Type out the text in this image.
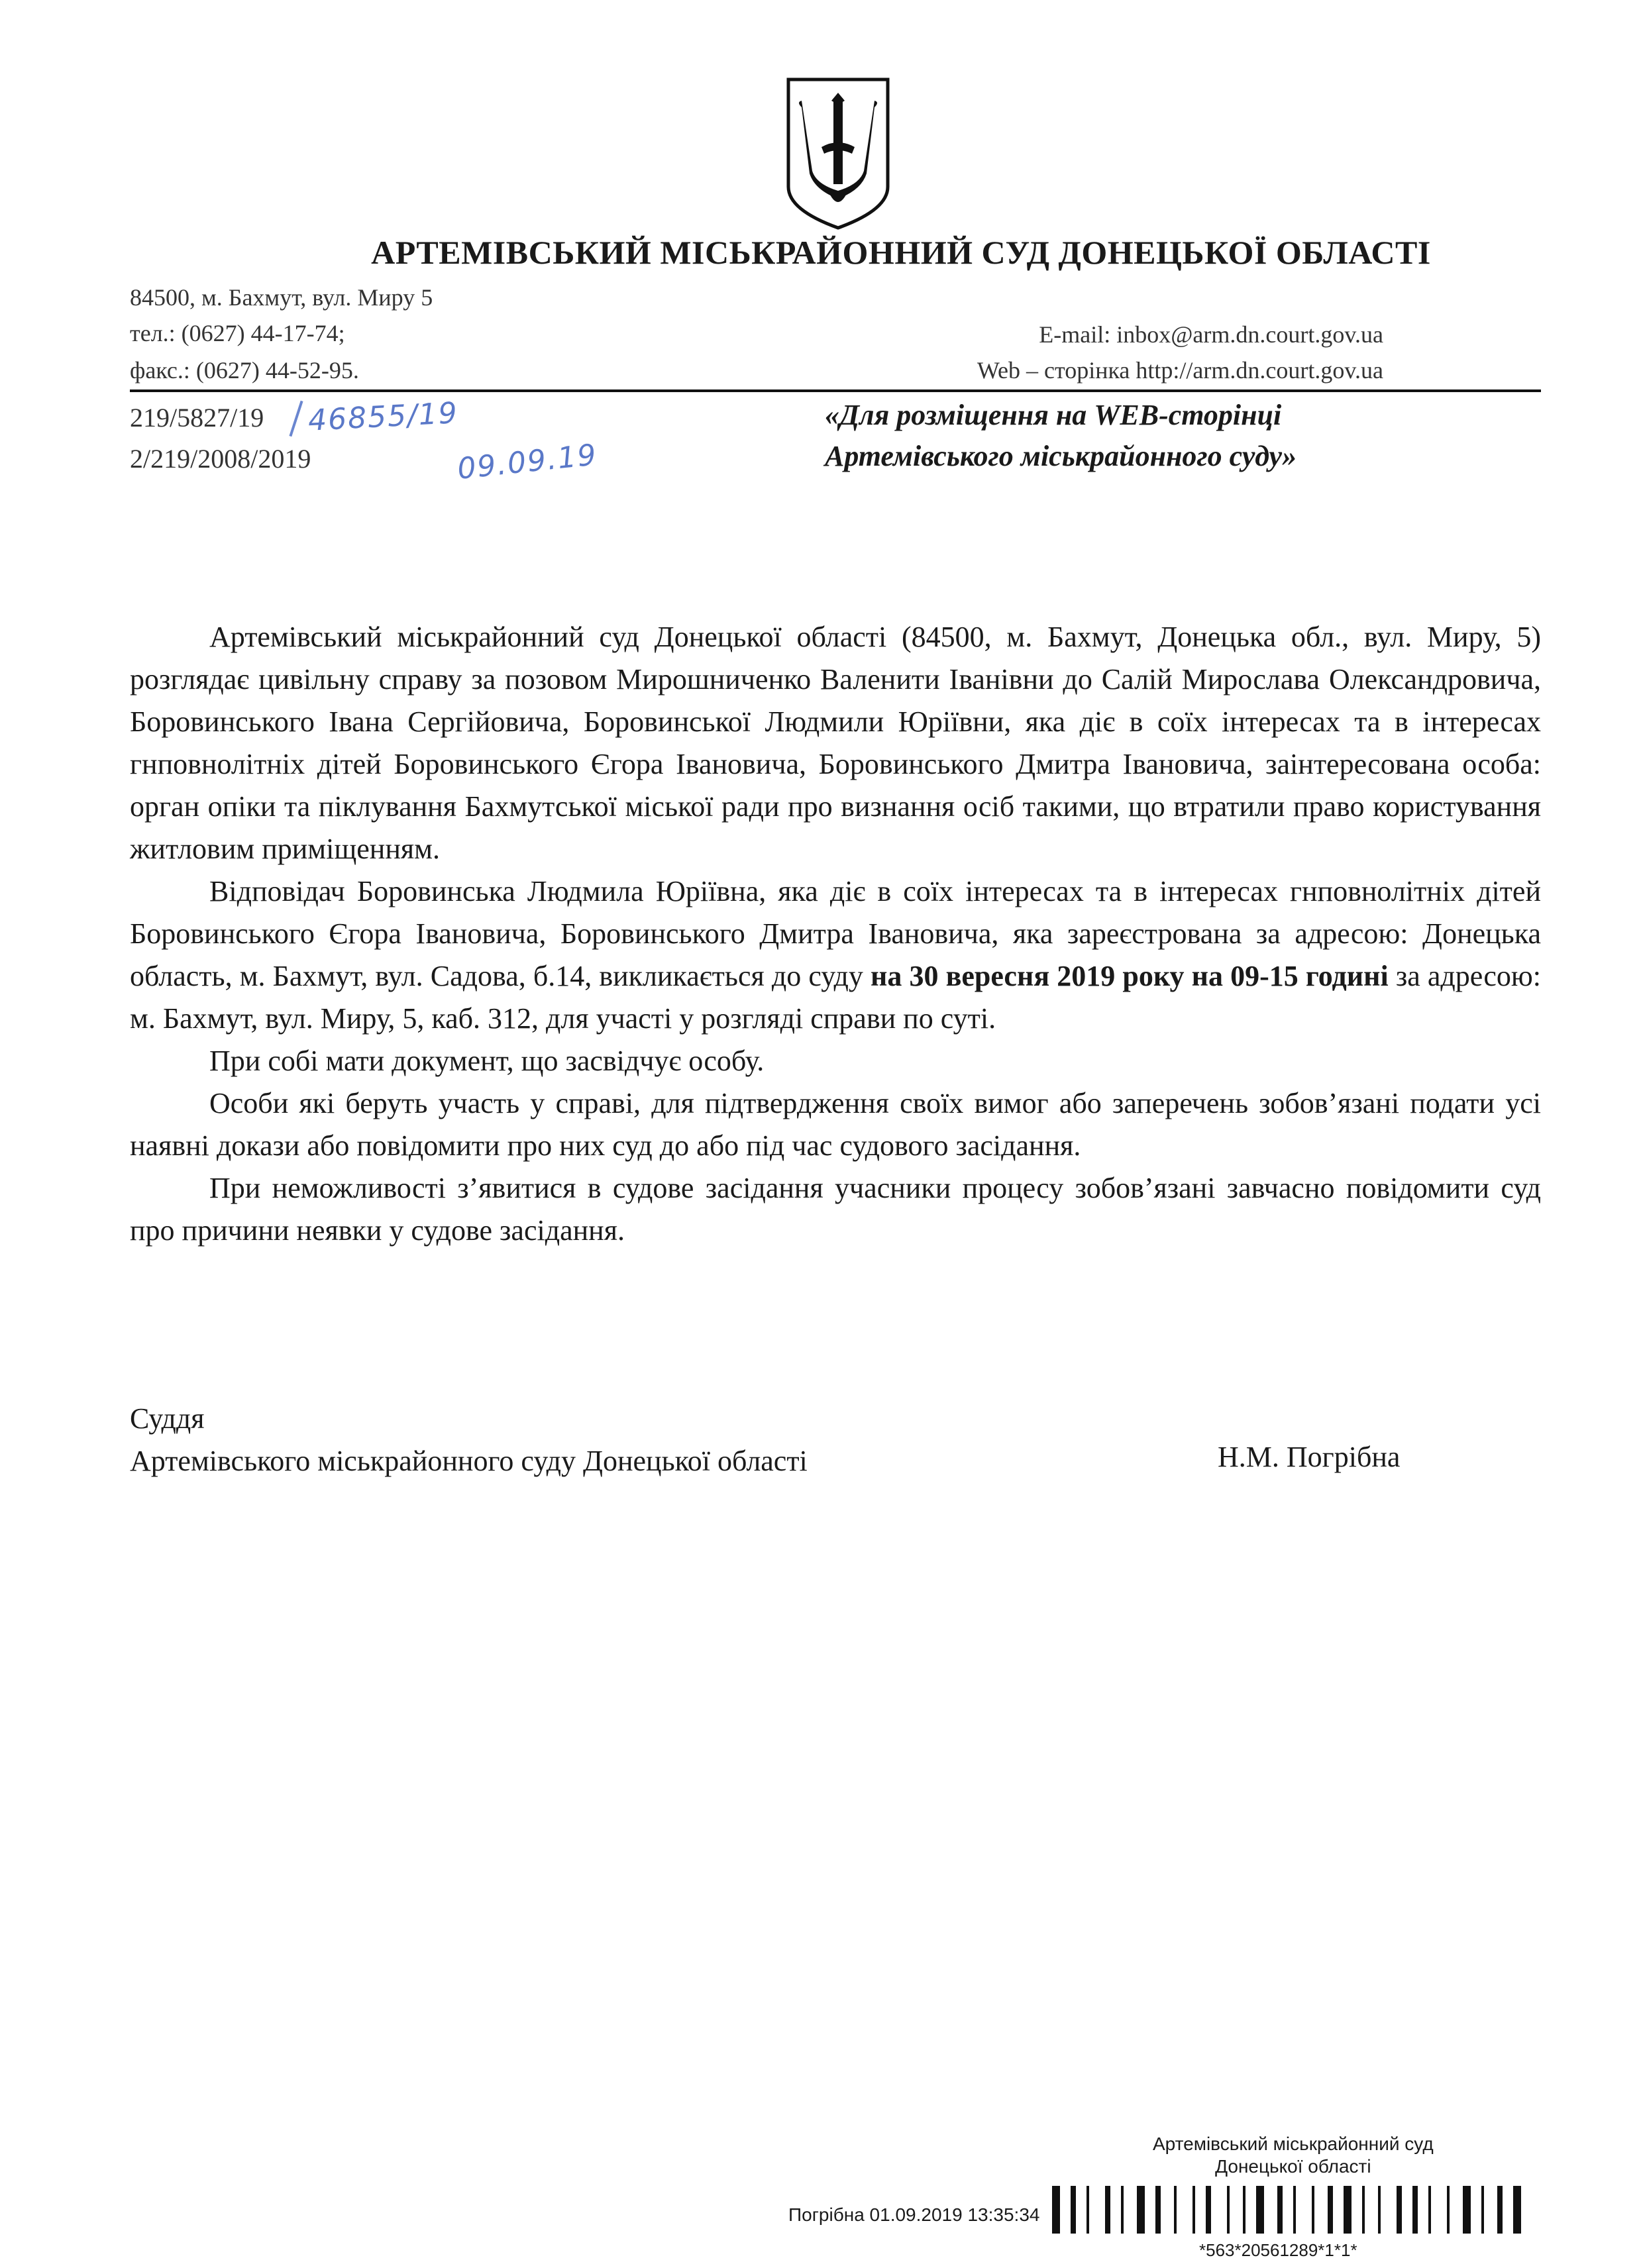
АРТЕМІВСЬКИЙ МІСЬКРАЙОННИЙ СУД ДОНЕЦЬКОЇ ОБЛАСТІ
84500, м. Бахмут, вул. Миру 5
тел.: (0627) 44-17-74;
факс.: (0627) 44-52-95.
E-mail: inbox@arm.dn.court.gov.ua
Web – сторінка http://arm.dn.court.gov.ua
219/5827/19
2/219/2008/2019
46855/19
09.09.19
«Для розміщення на WEB-сторінці
Артемівського міськрайонного суду»

Артемівський міськрайонний суд Донецької області (84500, м. Бахмут, Донецька обл., вул. Миру, 5) розглядає цивільну справу за позовом Мирошниченко Валенити Іванівни до Салій Мирослава Олександровича, Боровинського Івана Сергійовича, Боровинської Людмили Юріївни, яка діє в соїх інтересах та в інтересах гнповнолітніх дітей Боровинського Єгора Івановича, Боровинського Дмитра Івановича, заінтересована особа: орган опіки та піклування Бахмутської міської ради про визнання осіб такими, що втратили право користування житловим приміщенням.

Відповідач Боровинська Людмила Юріївна, яка діє в соїх інтересах та в інтересах гнповнолітніх дітей Боровинського Єгора Івановича, Боровинського Дмитра Івановича, яка зареєстрована за адресою: Донецька область, м. Бахмут, вул. Садова, б.14, викликається до суду на 30 вересня 2019 року на 09-15 годині за адресою: м. Бахмут, вул. Миру, 5, каб. 312, для участі у розгляді справи по суті.

При собі мати документ, що засвідчує особу.

Особи які беруть участь у справі, для підтвердження своїх вимог або заперечень зобов’язані подати усі наявні докази або повідомити про них суд до або під час судового засідання.

При неможливості з’явитися в судове засідання учасники процесу зобов’язані завчасно повідомити суд про причини неявки у судове засідання.

Суддя
Артемівського міськрайонного суду Донецької області	Н.М. Погрібна
Артемівський міськрайонний суд
Донецької області
Погрібна 01.09.2019 13:35:34
*563*20561289*1*1*
